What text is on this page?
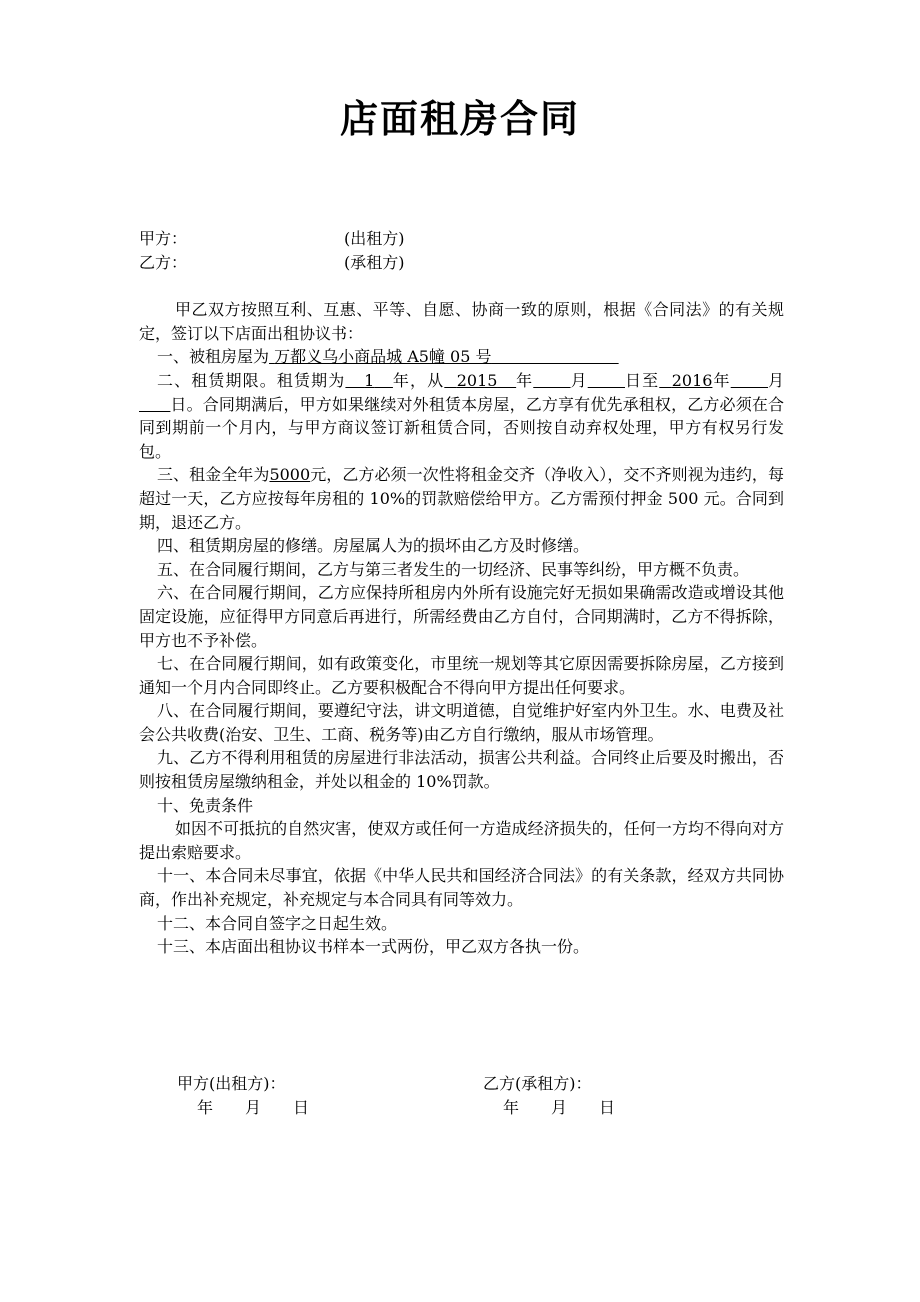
店面租房合同
甲方：	(出租方)
乙方：	(承租方)

甲乙双方按照互利、互惠、平等、自愿、协商一致的原则，根据《合同法》的有关规定，签订以下店面出租协议书：

一、被租房屋为 万都义乌小商品城 A5幢 05 号

二、租赁期限。租赁期为 1 年，从 2015 年 月 日至 2016年 月      日。合同期满后，甲方如果继续对外租赁本房屋，乙方享有优先承租权，乙方必须在合同到期前一个月内，与甲方商议签订新租赁合同，否则按自动弃权处理，甲方有权另行发包。

三、租金全年为5000元，乙方必须一次性将租金交齐（净收入），交不齐则视为违约，每超过一天，乙方应按每年房租的 10%的罚款赔偿给甲方。乙方需预付押金 500 元。合同到期，退还乙方。

四、租赁期房屋的修缮。房屋属人为的损坏由乙方及时修缮。

五、在合同履行期间，乙方与第三者发生的一切经济、民事等纠纷，甲方概不负责。

六、在合同履行期间，乙方应保持所租房内外所有设施完好无损如果确需改造或增设其他固定设施，应征得甲方同意后再进行，所需经费由乙方自付，合同期满时，乙方不得拆除，甲方也不予补偿。

七、在合同履行期间，如有政策变化，市里统一规划等其它原因需要拆除房屋，乙方接到通知一个月内合同即终止。乙方要积极配合不得向甲方提出任何要求。

八、在合同履行期间，要遵纪守法，讲文明道德，自觉维护好室内外卫生。水、电费及社会公共收费(治安、卫生、工商、税务等)由乙方自行缴纳，服从市场管理。

九、乙方不得利用租赁的房屋进行非法活动，损害公共利益。合同终止后要及时搬出，否则按租赁房屋缴纳租金，并处以租金的 10%罚款。

十、免责条件

如因不可抵抗的自然灾害，使双方或任何一方造成经济损失的，任何一方均不得向对方提出索赔要求。

十一、本合同未尽事宜，依据《中华人民共和国经济合同法》的有关条款，经双方共同协商，作出补充规定，补充规定与本合同具有同等效力。

十二、本合同自签字之日起生效。

十三、本店面出租协议书样本一式两份，甲乙双方各执一份。

甲方(出租方)：
年　　月　　日
乙方(承租方)：
年　　月　　日
